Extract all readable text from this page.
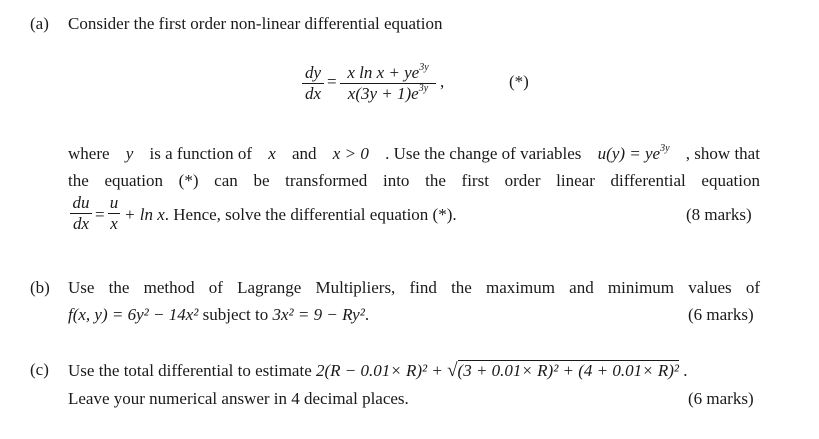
(a) Consider the first order non-linear differential equation
dy
dx
= x $\ln x + ye^{3y}$
$x(3y + 1)e^{3y}$ ,	(*)
where y is a function of x and x > 0 . Use the change of variables $u(y) = ye^{3y}$ , show that
the equation (*) can be transformed into the first order linear differential equation
du
dx =
u
x + ln x. Hence, solve the differential equation (*).	(8 marks)
(b) Use the method of Lagrange Multipliers, find the maximum and minimum values of
f(x, y) = 6y² − 14x² subject to 3x² = 9 − Ry².	(6 marks)
(c) Use the total differential to estimate 2(R − 0.01× R)² + √(3 + 0.01× R)² + (4 + 0.01× R)² .
Leave your numerical answer in 4 decimal places.	(6 marks)
